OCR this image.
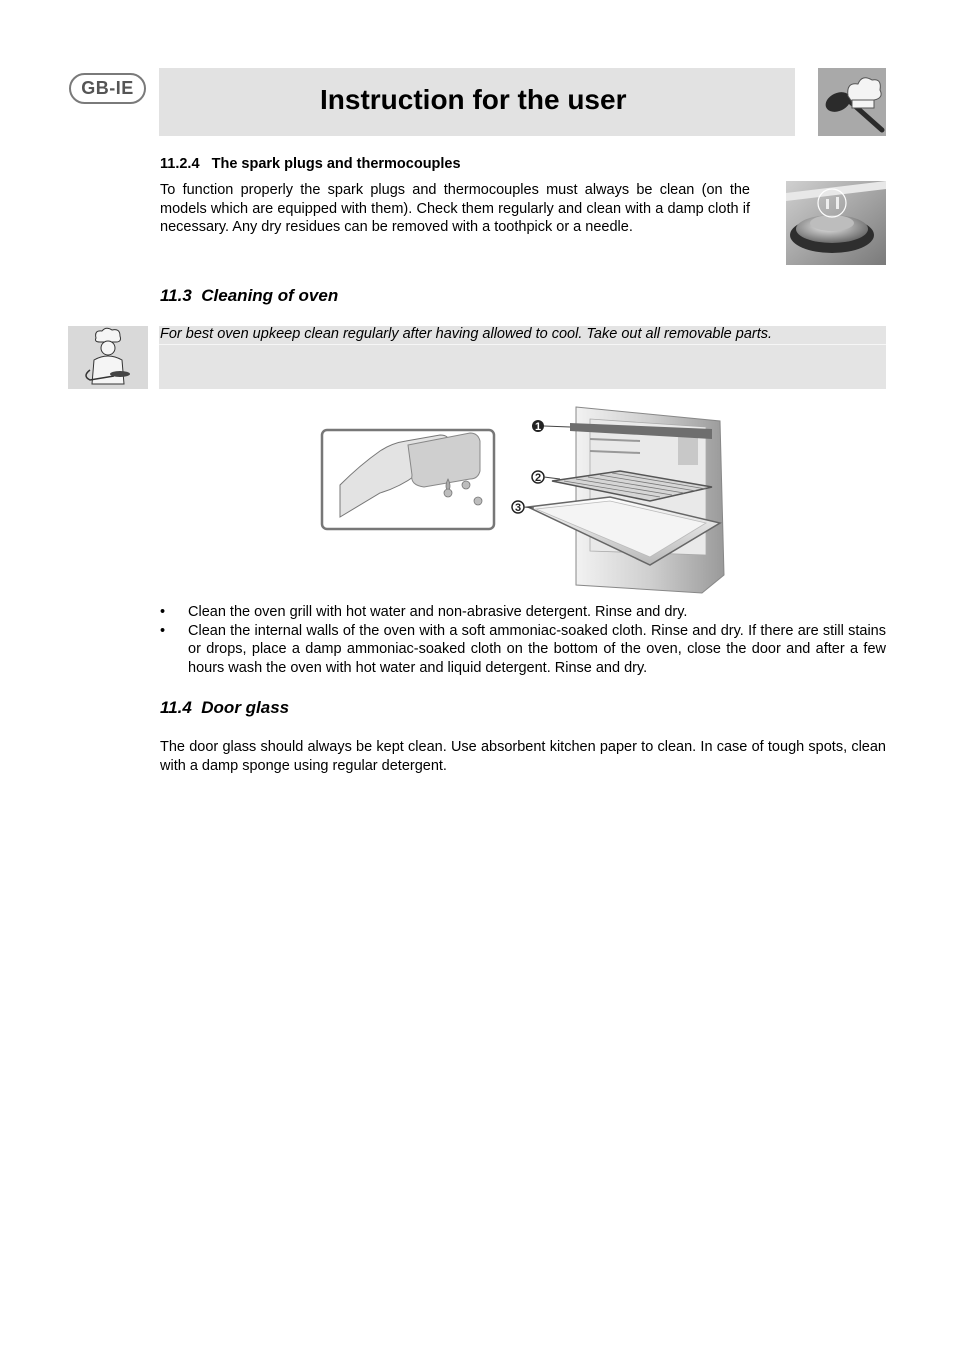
GB-IE	Instruction for the user
11.2.4   The spark plugs and thermocouples
To function properly the spark plugs and thermocouples must always be clean (on the models which are equipped with them). Check them regularly and clean with a damp cloth if necessary. Any dry residues can be removed with a toothpick or a needle.
11.3  Cleaning of oven
For best oven upkeep clean regularly after having allowed to cool. Take out all removable parts.
1
2
3
•	Clean the oven grill with hot water and non-abrasive detergent. Rinse and dry.
•	Clean the internal walls of the oven with a soft ammoniac-soaked cloth. Rinse and dry. If there are still stains or drops, place a damp ammoniac-soaked cloth on the bottom of the oven, close the door and after a few hours wash the oven with hot water and liquid detergent. Rinse and dry.
11.4  Door glass
The door glass should always be kept clean. Use absorbent kitchen paper to clean. In case of tough spots, clean with a damp sponge using regular detergent.
